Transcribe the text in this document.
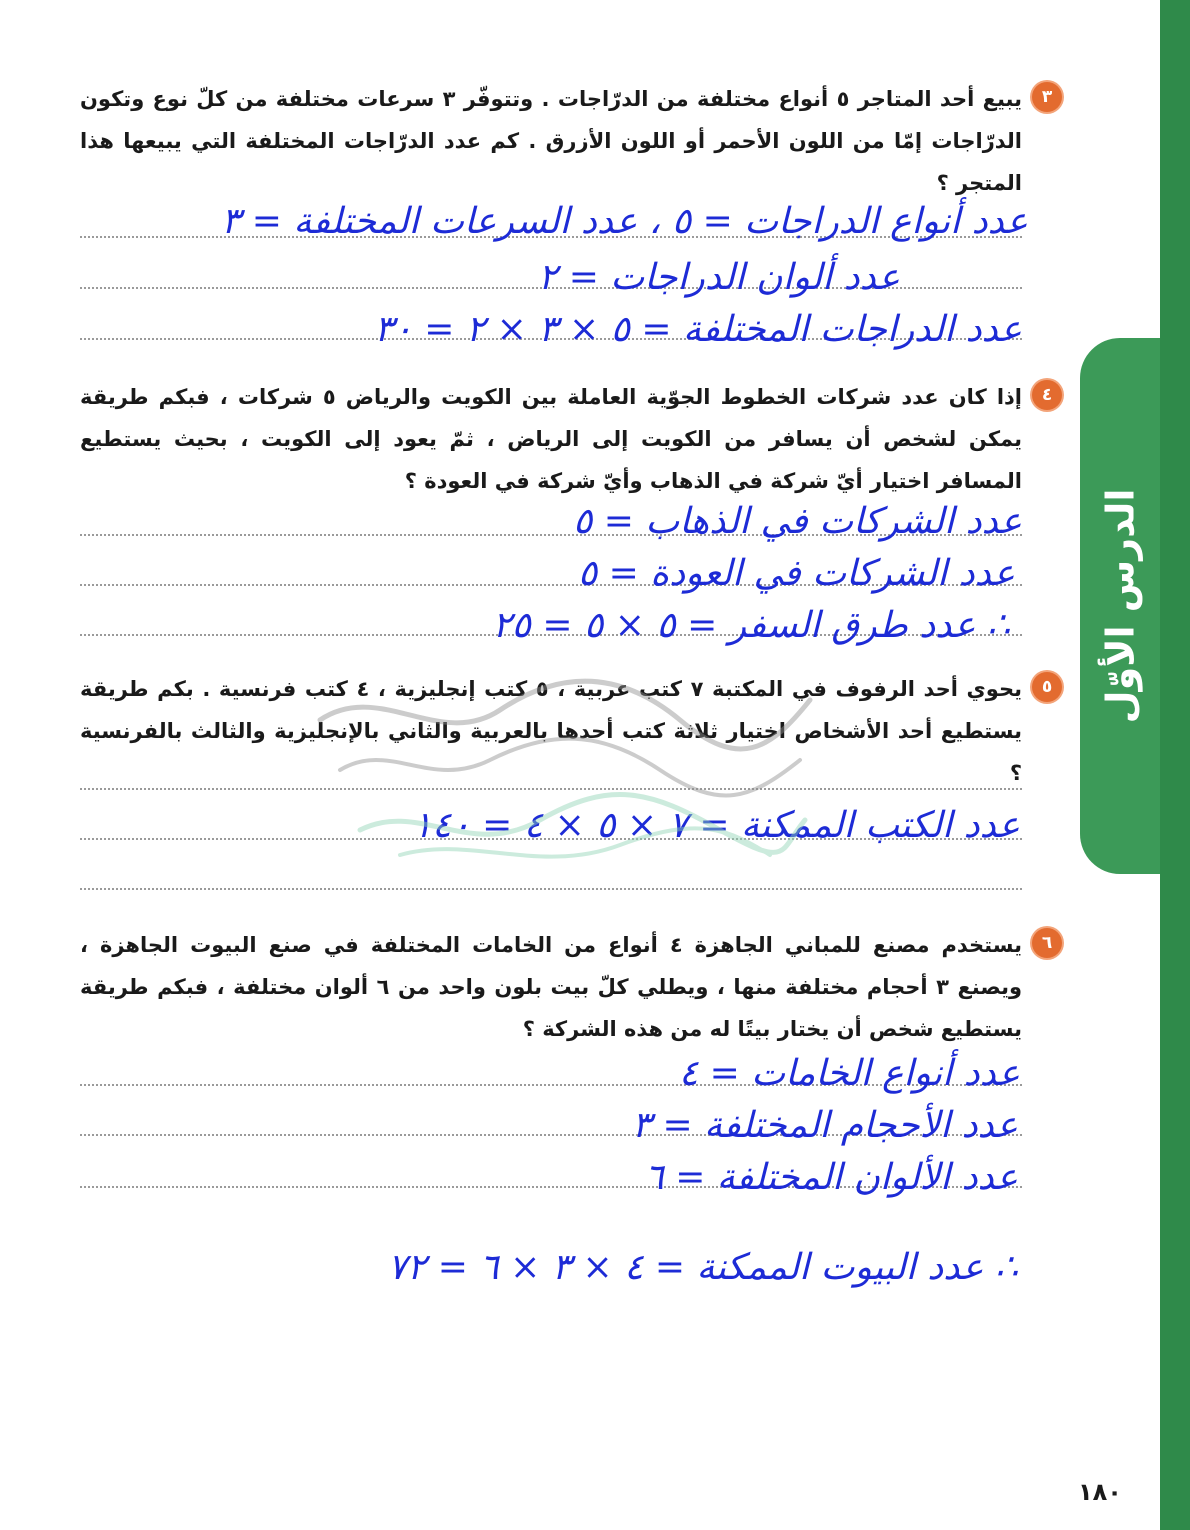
الدرس الأوّل
٣

يبيع أحد المتاجر ٥ أنواع مختلفة من الدرّاجات . وتتوفّر ٣ سرعات مختلفة من كلّ نوع وتكون الدرّاجات إمّا من اللون الأحمر أو اللون الأزرق . كم عدد الدرّاجات المختلفة التي يبيعها هذا المتجر ؟

عدد أنواع الدراجات = ٥ ، عدد السرعات المختلفة = ٣
عدد ألوان الدراجات = ٢
عدد الدراجات المختلفة = ٥ × ٣ × ٢ = ٣٠
٤

إذا كان عدد شركات الخطوط الجوّية العاملة بين الكويت والرياض ٥ شركات ، فبكم طريقة يمكن لشخص أن يسافر من الكويت إلى الرياض ، ثمّ يعود إلى الكويت ، بحيث يستطيع المسافر اختيار أيّ شركة في الذهاب وأيّ شركة في العودة ؟

عدد الشركات في الذهاب = ٥
عدد الشركات في العودة = ٥
∴ عدد طرق السفر = ٥ × ٥ = ٢٥
٥

يحوي أحد الرفوف في المكتبة ٧ كتب عربية ، ٥ كتب إنجليزية ، ٤ كتب فرنسية . بكم طريقة يستطيع أحد الأشخاص اختيار ثلاثة كتب أحدها بالعربية والثاني بالإنجليزية والثالث بالفرنسية ؟

عدد الكتب الممكنة = ٧ × ٥ × ٤ = ١٤٠
٦

يستخدم مصنع للمباني الجاهزة ٤ أنواع من الخامات المختلفة في صنع البيوت الجاهزة ، ويصنع ٣ أحجام مختلفة منها ، ويطلي كلّ بيت بلون واحد من ٦ ألوان مختلفة ، فبكم طريقة يستطيع شخص أن يختار بيتًا له من هذه الشركة ؟

عدد أنواع الخامات = ٤
عدد الأحجام المختلفة = ٣
عدد الألوان المختلفة = ٦
∴ عدد البيوت الممكنة = ٤ × ٣ × ٦ = ٧٢
١٨٠
